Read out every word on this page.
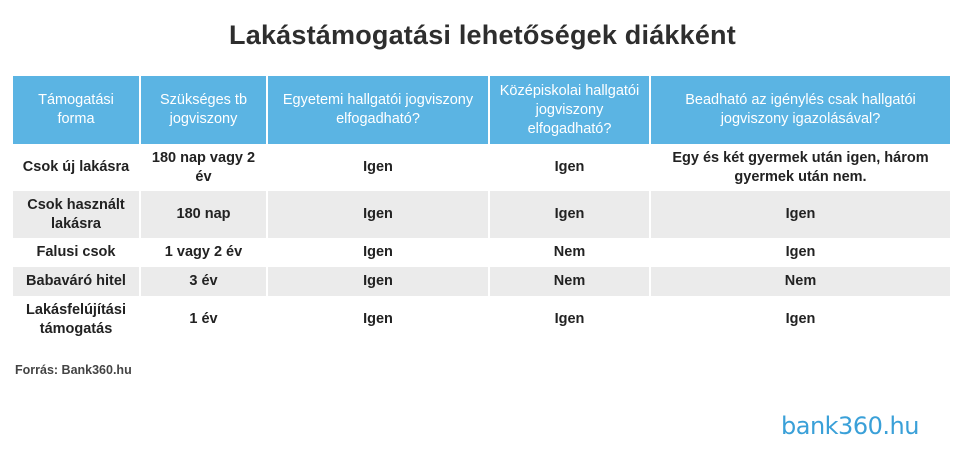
Lakástámogatási lehetőségek diákként
Támogatási forma	Szükséges tb jogviszony	Egyetemi hallgatói jogviszony elfogadható?	Középiskolai hallgatói jogviszony elfogadható?	Beadható az igénylés csak hallgatói jogviszony igazolásával?
Csok új lakásra	180 nap vagy 2 év	Igen	Igen	Egy és két gyermek után igen, három gyermek után nem.
Csok használt lakásra	180 nap	Igen	Igen	Igen
Falusi csok	1 vagy 2 év	Igen	Nem	Igen
Babaváró hitel	3 év	Igen	Nem	Nem
Lakásfelújítási támogatás	1 év	Igen	Igen	Igen
Forrás: Bank360.hu
bank360.hu
